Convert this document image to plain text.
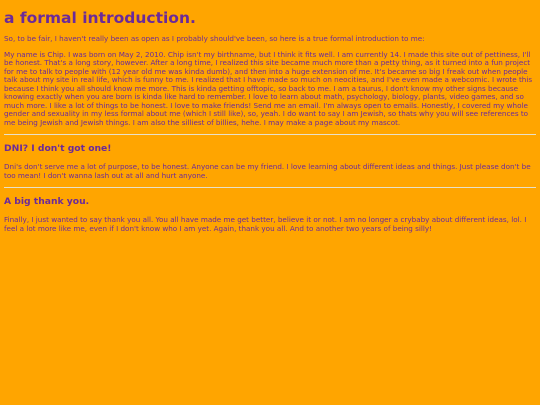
a formal introduction.

So, to be fair, I haven't really been as open as I probably should've been, so here is a true formal introduction to me:

My name is Chip. I was born on May 2, 2010. Chip isn't my birthname, but I think it fits well. I am currently 14. I made this site out of pettiness, I'll be honest. That's a long story, however. After a long time, I realized this site became much more than a petty thing, as it turned into a fun project for me to talk to people with (12 year old me was kinda dumb), and then into a huge extension of me. It's became so big I freak out when people talk about my site in real life, which is funny to me. I realized that I have made so much on neocities, and I've even made a webcomic. I wrote this because I think you all should know me more. This is kinda getting offtopic, so back to me. I am a taurus, I don't know my other signs because knowing exactly when you are born is kinda like hard to remember. I love to learn about math, psychology, biology, plants, video games, and so much more. I like a lot of things to be honest. I love to make friends! Send me an email. I'm always open to emails. Honestly, I covered my whole gender and sexuality in my less formal about me (which I still like), so, yeah. I do want to say I am Jewish, so thats why you will see references to me being Jewish and Jewish things. I am also the silliest of billies, hehe. I may make a page about my mascot.

DNI? I don't got one!

Dni's don't serve me a lot of purpose, to be honest. Anyone can be my friend. I love learning about different ideas and things. Just please don't be too mean! I don't wanna lash out at all and hurt anyone.

A big thank you.

Finally, I just wanted to say thank you all. You all have made me get better, believe it or not. I am no longer a crybaby about different ideas, lol. I feel a lot more like me, even if I don't know who I am yet. Again, thank you all. And to another two years of being silly!
